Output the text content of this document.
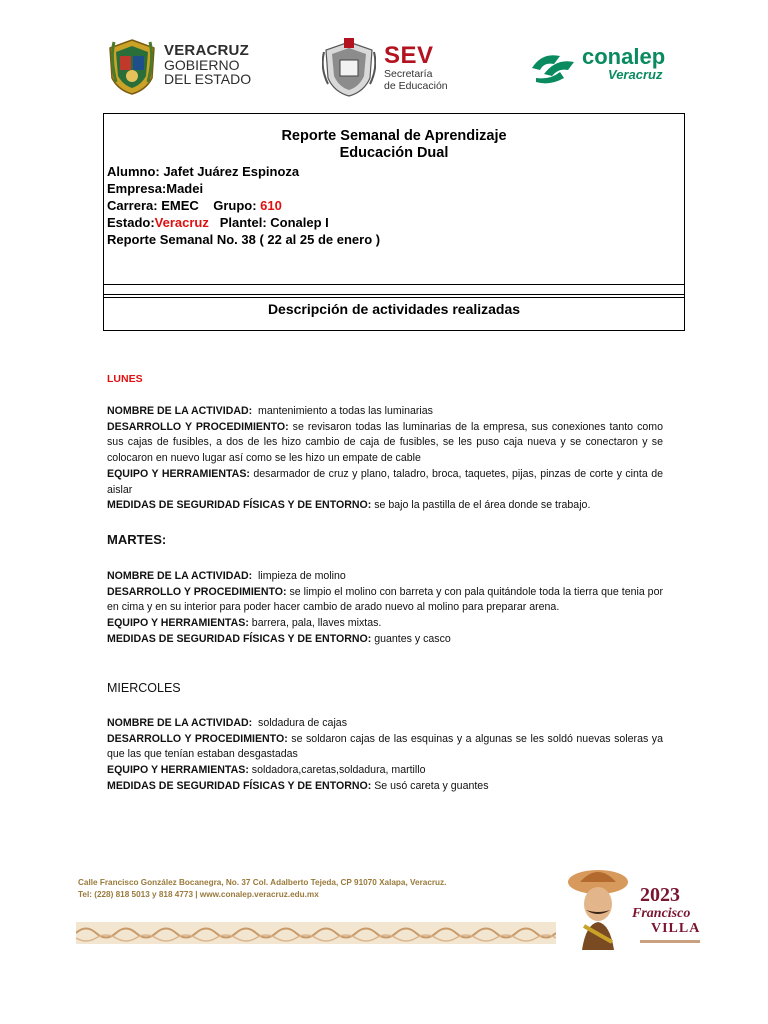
VERACRUZ
GOBIERNO
DEL ESTADO
SEV
Secretaría
de Educación
conalep
Veracruz
Reporte Semanal de Aprendizaje
Educación Dual
Alumno: Jafet Juárez Espinoza
Empresa:Madei
Carrera: EMEC Grupo: 610
Estado:Veracruz Plantel: Conalep I
Reporte Semanal No. 38 ( 22 al 25 de enero )
Descripción de actividades realizadas
LUNES
NOMBRE DE LA ACTIVIDAD:  mantenimiento a todas las luminarias
DESARROLLO Y PROCEDIMIENTO: se revisaron todas las luminarias de la empresa, sus conexiones tanto como sus cajas de fusibles, a dos de les hizo cambio de caja de fusibles, se les puso caja nueva y se conectaron y se colocaron en nuevo lugar así como se les hizo un empate de cable
EQUIPO Y HERRAMIENTAS: desarmador de cruz y plano, taladro, broca, taquetes, pijas, pinzas de corte y cinta de aislar
MEDIDAS DE SEGURIDAD FÍSICAS Y DE ENTORNO: se bajo la pastilla de el área donde se trabajo.
MARTES:
NOMBRE DE LA ACTIVIDAD:  limpieza de molino
DESARROLLO Y PROCEDIMIENTO: se limpio el molino con barreta y con pala quitándole toda la tierra que tenia por en cima y en su interior para poder hacer cambio de arado nuevo al molino para preparar arena.
EQUIPO Y HERRAMIENTAS: barrera, pala, llaves mixtas.
MEDIDAS DE SEGURIDAD FÍSICAS Y DE ENTORNO: guantes y casco
MIERCOLES
NOMBRE DE LA ACTIVIDAD:  soldadura de cajas
DESARROLLO Y PROCEDIMIENTO: se soldaron cajas de las esquinas y a algunas se les soldó nuevas soleras ya que las que tenían estaban desgastadas
EQUIPO Y HERRAMIENTAS: soldadora,caretas,soldadura, martillo
MEDIDAS DE SEGURIDAD FÍSICAS Y DE ENTORNO: Se usó careta y guantes
Calle Francisco González Bocanegra, No. 37 Col. Adalberto Tejeda, CP 91070 Xalapa, Veracruz.
Tel: (228) 818 5013 y 818 4773 | www.conalep.veracruz.edu.mx	2023
Francisco
VILLA
